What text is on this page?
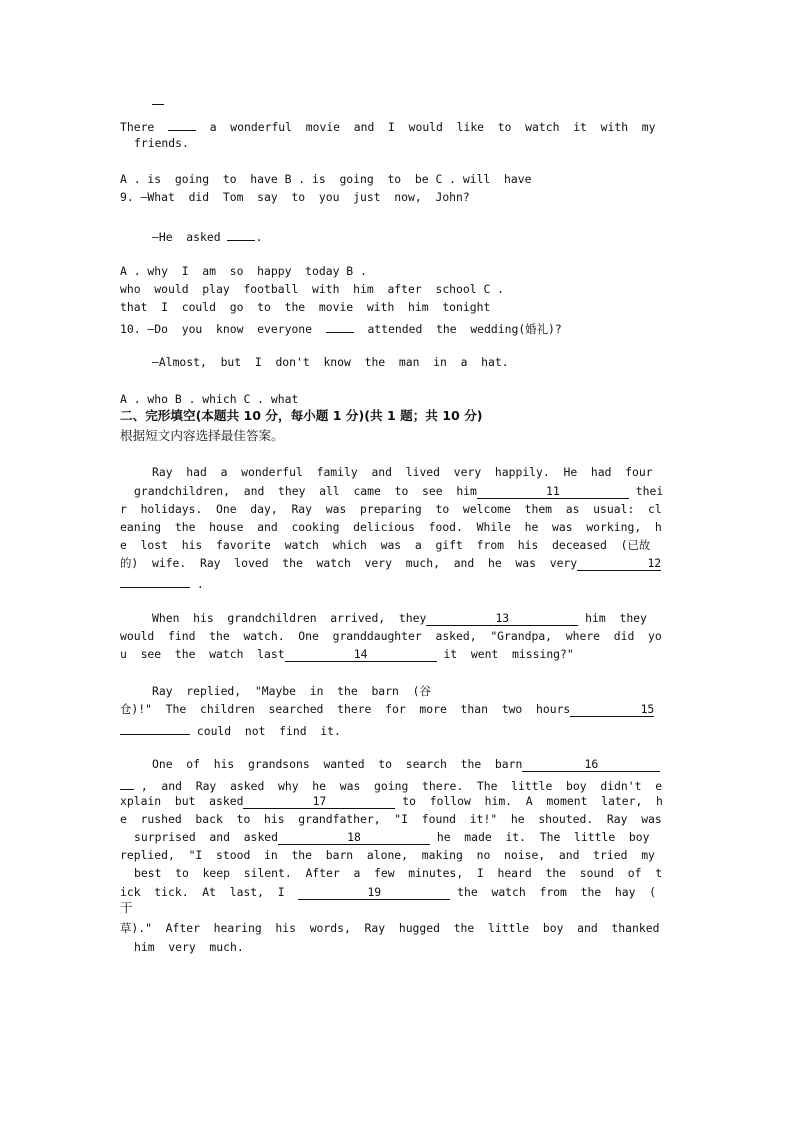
There    a  wonderful  movie  and  I  would  like  to  watch  it  with  my
friends.
A . is  going  to  have B . is  going  to  be C . will  have
9. —What  did  Tom  say  to  you  just  now,  John?
—He  asked .
A . why  I  am  so  happy  today B .
who  would  play  football  with  him  after  school C .
that  I  could  go  to  the  movie  with  him  tonight
10. —Do  you  know  everyone    attended  the  wedding(婚礼)?
—Almost,  but  I  don't  know  the  man  in  a  hat.
A . who B . which C . what
二、完形填空(本题共 10 分，每小题 1 分)(共 1 题；共 10 分)
根据短文内容选择最佳答案。
Ray  had  a  wonderful  family  and  lived  very  happily.  He  had  four
grandchildren,  and  they  all  came  to  see  him	11	thei
r  holidays.  One  day,  Ray  was  preparing  to  welcome  them  as  usual:  cl
eaning  the  house  and  cooking  delicious  food.  While  he  was  working,  h
e  lost  his  favorite  watch  which  was  a  gift  from  his  deceased  (已故
的)  wife.  Ray  loved  the  watch  very  much,  and  he  was  very	12
.
When  his  grandchildren  arrived,  they	13	him  they
would  find  the  watch.  One  granddaughter  asked,  "Grandpa,  where  did  yo
u  see  the  watch  last	14	it  went  missing?"
Ray  replied,  "Maybe  in  the  barn  (谷
仓)!"  The  children  searched  there  for  more  than  two  hours	15
could  not  find  it.
One  of  his  grandsons  wanted  to  search  the  barn	16
,  and  Ray  asked  why  he  was  going  there.  The  little  boy  didn't  e
xplain  but  asked	17	to  follow  him.  A  moment  later,  h
e  rushed  back  to  his  grandfather,  "I  found  it!"  he  shouted.  Ray  was
surprised  and  asked	18	he  made  it.  The  little  boy
replied,  "I  stood  in  the  barn  alone,  making  no  noise,  and  tried  my
best  to  keep  silent.  After  a  few  minutes,  I  heard  the  sound  of  t
ick  tick.  At  last,  I	19	the  watch  from  the  hay  (
干
草)."  After  hearing  his  words,  Ray  hugged  the  little  boy  and  thanked
him  very  much.
